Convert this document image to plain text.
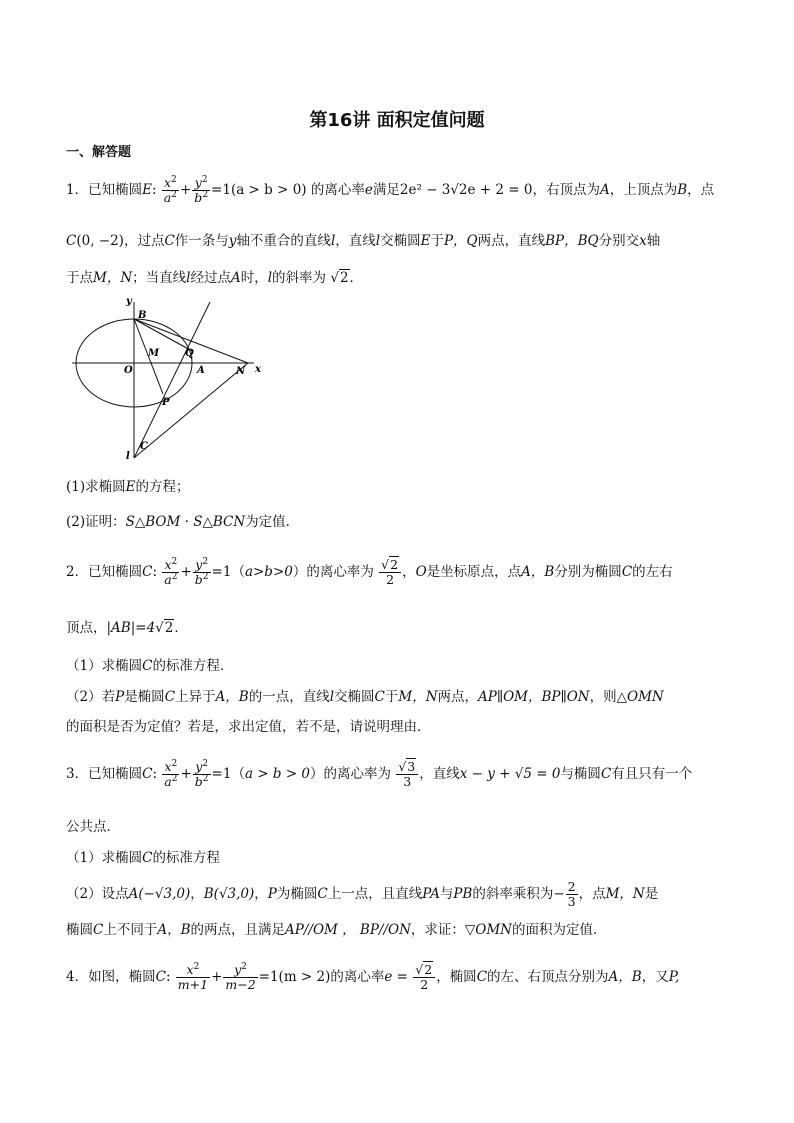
第16讲 面积定值问题
一、解答题
1．已知椭圆E: $\frac{x^2}{a^2} + \frac{y^2}{b^2} =1(a > b > 0)$ 的离心率e满足2e² − 3√2e + 2 = 0，右顶点为A，上顶点为B，点
C(0, −2)，过点C作一条与y轴不重合的直线l，直线l交椭圆E于P，Q两点，直线BP，BQ分别交x轴
于点M，N；当直线l经过点A时，l的斜率为 √2．
y
B
M	Q
O	A	N x
P
C
l
(1)求椭圆E的方程；
(2)证明：S△BOM · S△BCN为定值．
2．已知椭圆C: $\frac{x^2}{a^2} + \frac{y^2}{b^2} =1(a>b>0)$的离心率为 $\frac{√2}{2}$ ，O是坐标原点，点A，B分别为椭圆C的左右
顶点，|AB|=4√2．
（1）求椭圆C的标准方程．
（2）若P是椭圆C上异于A，B的一点，直线l交椭圆C于M，N两点，AP∥OM，BP∥ON，则△OMN
的面积是否为定值？若是，求出定值，若不是，请说明理由．
3．已知椭圆C: $\frac{x^2}{a^2} + \frac{y^2}{b^2} =1(a > b > 0)$的离心率为 $\frac{√3}{3}$ ，直线x − y + √5 = 0与椭圆C有且只有一个
公共点．
（1）求椭圆C的标准方程
（2）设点A(−√3,0)，B(√3,0)，P为椭圆C上一点，且直线PA与PB的斜率乘积为− $\frac{2}{3}$ ，点M，N是
椭圆C上不同于A，B的两点，且满足AP//OM ， BP//ON，求证：▽OMN的面积为定值．
4．如图，椭圆C: $\frac{x^2}{m+1} + \frac{y^2}{m-2} =1(m > 2)$的离心率$e = \frac{√2}{2}$ ，椭圆C的左、右顶点分别为A，B，又P,
